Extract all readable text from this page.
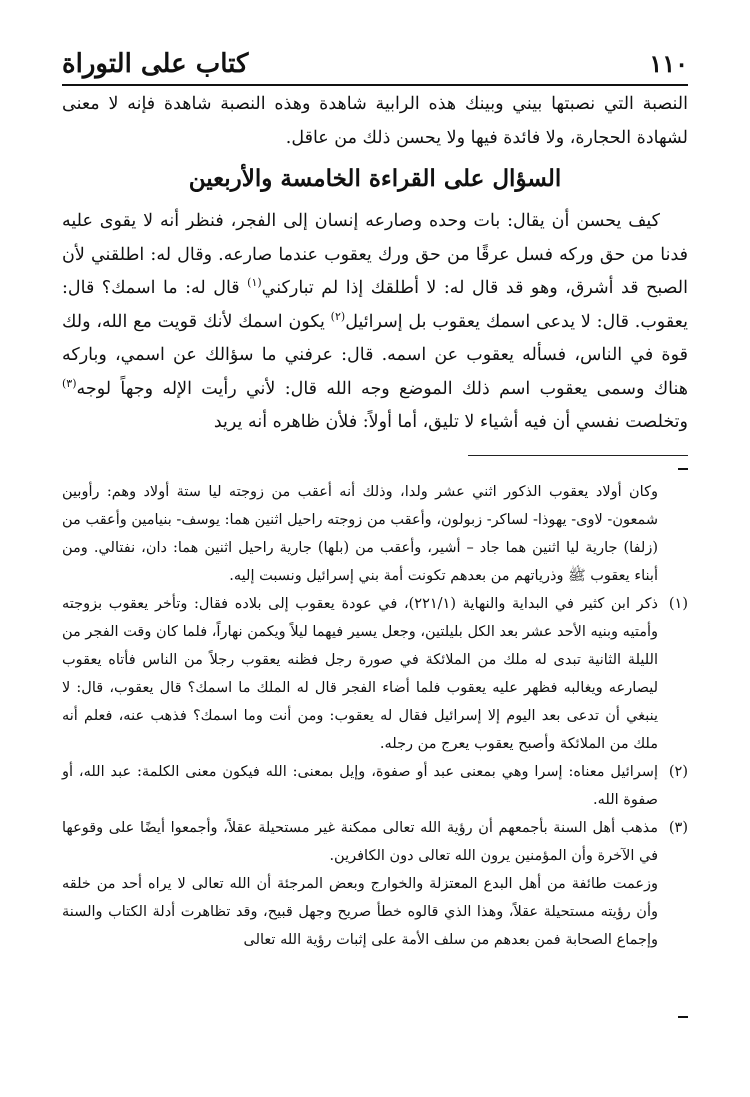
كتاب على التوراة	١١٠

النصبة التي نصبتها بيني وبينك هذه الرابية شاهدة وهذه النصبة شاهدة فإنه لا معنى لشهادة الحجارة، ولا فائدة فيها ولا يحسن ذلك من عاقل.

السؤال على القراءة الخامسة والأربعين

كيف يحسن أن يقال: بات وحده وصارعه إنسان إلى الفجر، فنظر أنه لا يقوى عليه فدنا من حق وركه فسل عرقًا من حق ورك يعقوب عندما صارعه. وقال له: اطلقني لأن الصبح قد أشرق، وهو قد قال له: لا أطلقك إذا لم تباركني$^{(١)}$ قال له: ما اسمك؟ قال: يعقوب. قال: لا يدعى اسمك يعقوب بل إسرائيل$^{(٢)}$ يكون اسمك لأنك قويت مع الله، ولك قوة في الناس، فسأله يعقوب عن اسمه. قال: عرفني ما سؤالك عن اسمي، وباركه هناك وسمى يعقوب اسم ذلك الموضع وجه الله قال: لأني رأيت الإله وجهاً لوجه$^{(٣)}$ وتخلصت نفسي أن فيه أشياء لا تليق، أما أولاً: فلأن ظاهره أنه يريد

وكان أولاد يعقوب الذكور اثني عشر ولدا، وذلك أنه أعقب من زوجته ليا ستة أولاد وهم: رأوبين شمعون- لاوى- يهوذا- لساكر- زبولون، وأعقب من زوجته راحيل اثنين هما: يوسف- بنيامين وأعقب من (زلفا) جارية ليا اثنين هما جاد – أشير، وأعقب من (بلها) جارية راحيل اثنين هما: دان، نفتالي. ومن أبناء يعقوب ﷺ وذرياتهم من بعدهم تكونت أمة بني إسرائيل ونسبت إليه.

(١)
ذكر ابن كثير في البداية والنهاية (٢٢١/١)، في عودة يعقوب إلى بلاده فقال: وتأخر يعقوب بزوجته وأمتيه وبنيه الأحد عشر بعد الكل بليلتين، وجعل يسير فيهما ليلاً ويكمن نهاراً، فلما كان وقت الفجر من الليلة الثانية تبدى له ملك من الملائكة في صورة رجل فظنه يعقوب رجلاً من الناس فأتاه يعقوب ليصارعه ويغالبه فظهر عليه يعقوب فلما أضاء الفجر قال له الملك ما اسمك؟ قال يعقوب، قال: لا ينبغي أن تدعى بعد اليوم إلا إسرائيل فقال له يعقوب: ومن أنت وما اسمك؟ فذهب عنه، فعلم أنه ملك من الملائكة وأصبح يعقوب يعرج من رجله.
(٢)
إسرائيل معناه: إسرا وهي بمعنى عبد أو صفوة، وإيل بمعنى: الله فيكون معنى الكلمة: عبد الله، أو صفوة الله.
(٣)
مذهب أهل السنة بأجمعهم أن رؤية الله تعالى ممكنة غير مستحيلة عقلاً، وأجمعوا أيضًا على وقوعها في الآخرة وأن المؤمنين يرون الله تعالى دون الكافرين.

وزعمت طائفة من أهل البدع المعتزلة والخوارج وبعض المرجئة أن الله تعالى لا يراه أحد من خلقه وأن رؤيته مستحيلة عقلاً، وهذا الذي قالوه خطأ صريح وجهل قبيح، وقد تظاهرت أدلة الكتاب والسنة وإجماع الصحابة فمن بعدهم من سلف الأمة على إثبات رؤية الله تعالى
